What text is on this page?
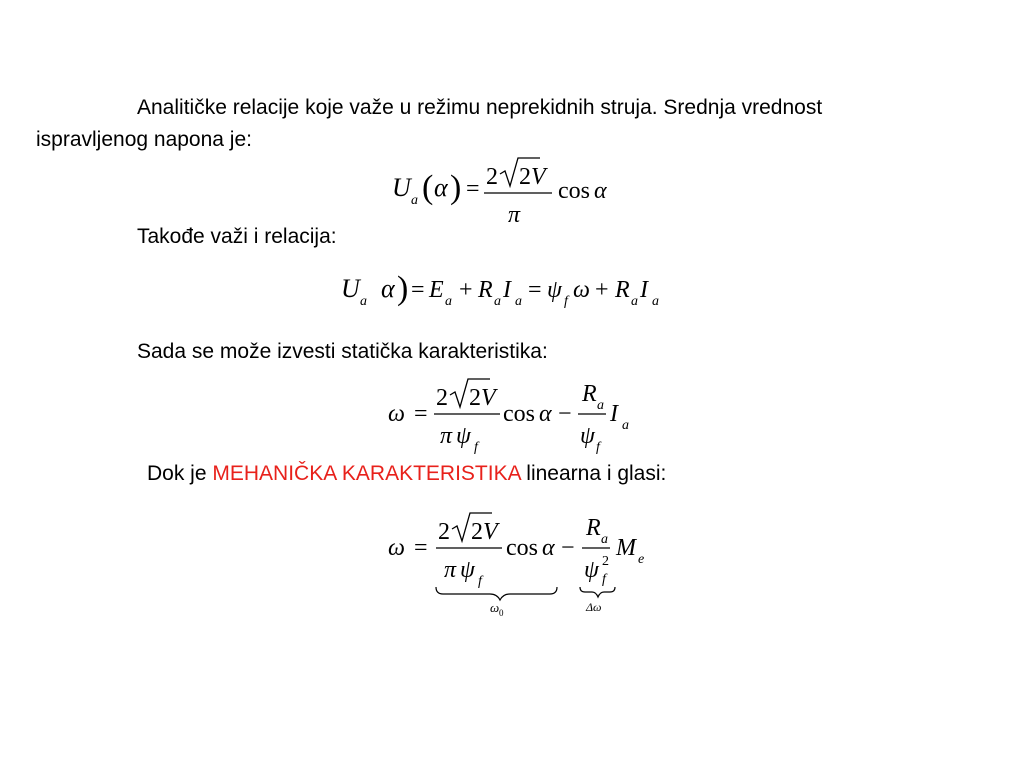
Analitičke relacije koje važe u režimu neprekidnih struja. Srednja vrednost
ispravljenog napona je:
U a ( α ) = 2 2 V
π
cos α
Takođe važi i relacija:
U a α ) = E a + R a I a = ψ f ω + R a I a
Sada se može izvesti statička karakteristika:
ω =
2 2 V
π ψ f
cos α −
R a
ψ f
I a
Dok je MEHANIČKA KARAKTERISTIKA linearna i glasi:
ω =
2 2 V
π ψ f
cos α −
R a
ψ 2
f
M e
ω 0	Δω
